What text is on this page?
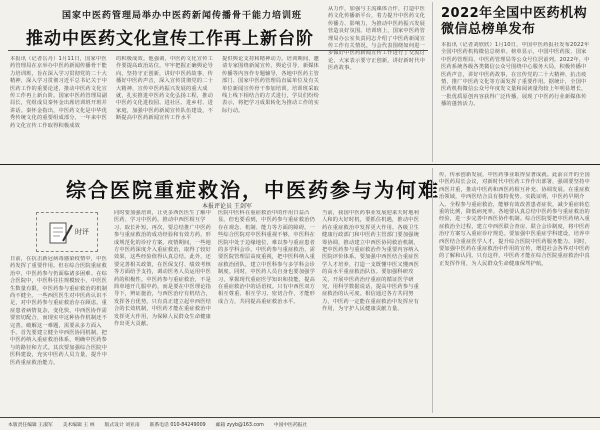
国家中医药管理局举办中医药新闻传播骨干能力培训班
推动中医药文化宣传工作再上新台阶
本报讯（记者岳丹）1月11日，国家中医药管理局在京举办中医药新闻传播骨干能力培训班，旨在深入学习贯彻党的二十大精神，深入学习贯彻习近平总书记关于中医药工作的重要论述，推动中医药文化宣传工作再上新台阶。国家中医药管理局副局长，党组成员秦怀金出席培训班开班并讲话。秦怀金指出，中医药文化是中华优秀传统文化的重要组成部分，一年来中医药文化宣传工作取得积极成效
的积极成效。他强调，中医药文化宣传工作要提高政治站位，牢牢把握正确舆论导向，坚持守正创新，讲好中医药故事，传播好中医药声音，深入宣传贯彻党的二十大精神，宣传中医药振兴发展的重大成就，扎实推进中医药文化弘扬工程，推动中医药文化进校园、进社区、进乡村、进家庭，加强中医药新闻宣传队伍建设，不断提高中医药新闻宣传工作水平
提供舆论支持和精神动力。培训期间，邀请专家围绕新闻宣传、舆论引导、新媒体传播等内容作专题辅导，各地中医药主管部门、国家中医药管理局直属单位及有关单位新闻宣传骨干参加培训。培训班采取线上线下相结合的方式进行，学员们纷纷表示，将把学习成果转化为推动工作的实际行动。
从力作，加强与主流媒体合作，打造中医药文化传播新平台，着力提升中医药文化传播力、影响力，为推动中医药振兴发展营造良好氛围。培训班上，国家中医药管理局办公室负责同志介绍了中医药新闻宣传工作有关情况。与会代表围绕如何进一步做好中医药新闻宣传工作进行了交流讨论，大家表示要守正创新，讲好新时代中医药故事。
2022年全国中医药机构微信总榜单发布
本报讯（记者刘欣欣）1月10日，中国中医药报社发布2022年全国中医药机构微信总榜单。榜单显示，中国中医药报、国家中医药管理局、中医药管理局等公众号位居前列。2022年，中医药系统各级各类微信公众号围绕中心服务大局，积极传播中医药声音，讲好中医药故事，在宣传党的二十大精神、抗击疫情、推广中医药文化等方面发挥了重要作用。据统计，全国中医药机构微信公众号年度发文量和阅读量均较上年明显增长，一批优质原创内容获得广泛传播，展现了中医药行业新媒体传播的蓬勃活力。
综合医院重症救治，中医药参与为何难
本报评论员 王剑军
时评
日前，在抗击新冠病毒感染疫情中，中医药发挥了重要作用。但在综合医院重症救治中，中医药参与仍面临诸多困难。在综合医院中，中医科往往规模较小，中医医生数量有限，中医药参与重症救治的机制尚不健全。一些西医医生对中医药认识不足，对中医药参与重症救治存在顾虑。重症患者病情复杂，变化快，中西医协作需要密切配合，而现实中这种协作机制还不完善。破解这一难题，需要从多方面入手。首先要建立健全中西医协同机制，把中医药纳入重症救治体系，明确中医药参与的路径和方式。其次要加强综合医院中医科建设，充实中医药人员力量，提升中医药重症救治能力。
同时要加强培训，让更多西医医生了解中医药、学习中医药，推动中西医相互学习、取长补短。再次，要总结推广中医药参与重症救治的成功经验和有效方药，形成规范化的诊疗方案。疫情期间，一些地方中医药深度介入重症救治，取得了较好效果，这些经验值得认真总结。此外，还要完善相关政策，在医保支付、绩效考核等方面给予支持，调动医务人员运用中医药的积极性。中医药参与重症救治，不是简单地开几服中药，而是要在中医理论指导下，辨证施治，与西医治疗有机结合，发挥各自优势。只有真正建立起中西医结合的长效机制，中医药才能在重症救治中发挥更大作用，为保障人民群众生命健康作出更大贡献。
医院中医科在重症救治中的作用日益凸显。但也要看到，中医药参与重症救治仍存在观念、机制、能力等方面的障碍。一些综合医院对中医科重视不够，中医科在医院中处于边缘地位，难以参与重症患者的多学科会诊。中医药参与重症救治，需要医院管理层高度重视，把中医科纳入重症救治团队，建立中医科参与多学科会诊制度。同时，中医药人员自身也要加强学习，掌握现代重症医学知识和技能，提高在重症救治中的话语权。只有中西医双方相互尊重、相互学习、密切合作，才能形成合力，共同提高重症救治水平。
当前，我国中医药事业发展迎来天时地利人和的大好时机，要抓住机遇，推动中医药在重症救治中发挥更大作用。各级卫生健康行政部门和中医药主管部门要加强统筹协调，推动建立中西医协同救治机制，把中医药参与重症救治作为重要内容纳入医院评价体系。要加强中西医结合重症医学人才培养，打造一支既懂中医又懂西医的高水平重症救治队伍。要加强科研攻关，开展中医药治疗重症的循证医学研究，用科学数据说话，提高中医药参与重症救治的认可度。相信通过各方共同努力，中医药一定能在重症救治中发挥应有作用，为守护人民健康贡献力量。
传，传承创新发展，中医药事业取得显著成就。此前召开的全国中医药局长会议，对新时代中医药工作作出部署，强调要坚持中西医并重，推动中医药和西医药相互补充、协调发展。在重症救治领域，中西医结合具有独特优势。实践证明，中医药早期介入、全程参与重症救治，能够有效改善患者症状，减少重症转危重的比例，降低病死率。各地要认真总结中医药参与重症救治的经验，进一步完善中西医协作机制。综合医院要把中医药纳入重症救治全过程，建立中西医联合查房、联合会诊制度，将中医药治疗方案写入重症诊疗规范。要加强中医重症学科建设，培养中西医结合重症医学人才，提升综合医院中医药服务能力。同时，要加强中医药在重症救治中作用的宣传，增进社会各界对中医药的了解和认同。只有这样，中医药才能在综合医院重症救治中真正发挥作用，为人民群众生命健康保驾护航。
本版责任编辑 王淑军 美术编辑 王 林 版式设计 刘亚南 联系电话 010-84249009 邮箱 zyyb@163.com 中国中医药报社
